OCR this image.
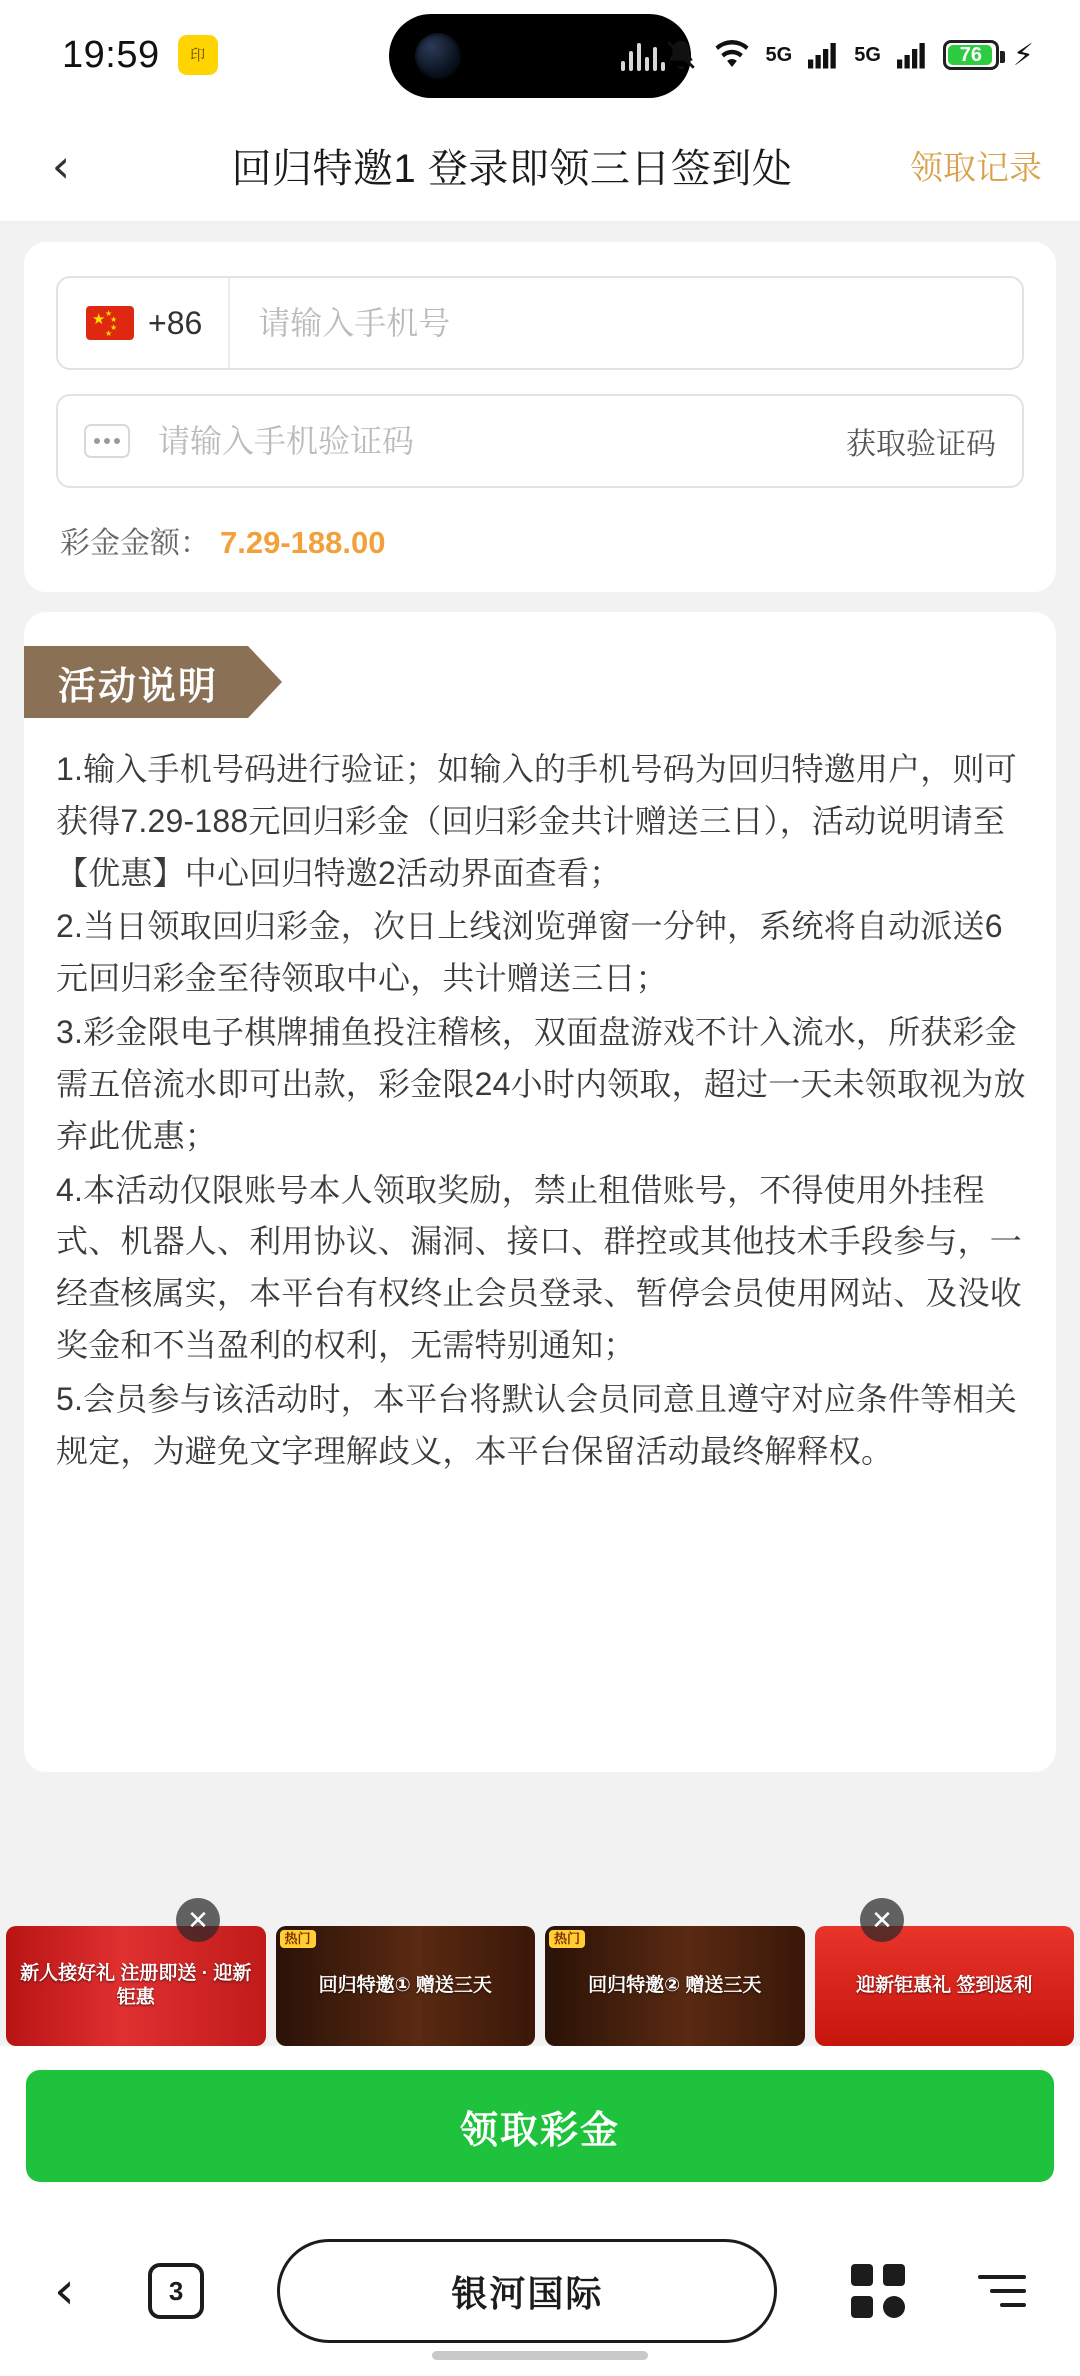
19:59	印	5G	5G	76 ⚡
‹	回归特邀1 登录即领三日签到处	领取记录
★ ★
★
★
★ +86
请输入手机号
请输入手机验证码
获取验证码
彩金金额： 7.29-188.00
活动说明

1.输入手机号码进行验证；如输入的手机号码为回归特邀用户，则可获得7.29-188元回归彩金（回归彩金共计赠送三日），活动说明请至【优惠】中心回归特邀2活动界面查看；

2.当日领取回归彩金，次日上线浏览弹窗一分钟，系统将自动派送6元回归彩金至待领取中心，共计赠送三日；

3.彩金限电子棋牌捕鱼投注稽核，双面盘游戏不计入流水，所获彩金需五倍流水即可出款，彩金限24小时内领取，超过一天未领取视为放弃此优惠；

4.本活动仅限账号本人领取奖励，禁止租借账号，不得使用外挂程式、机器人、利用协议、漏洞、接口、群控或其他技术手段参与，一经查核属实，本平台有权终止会员登录、暂停会员使用网站、及没收奖金和不当盈利的权利，无需特别通知；

5.会员参与该活动时，本平台将默认会员同意且遵守对应条件等相关规定，为避免文字理解歧义，本平台保留活动最终解释权。

新人接好礼 注册即送 · 迎新钜惠
热门
回归特邀① 赠送三天
热门
回归特邀② 赠送三天	迎新钜惠礼 签到返利
✕	✕
领取彩金
‹	3	银河国际
